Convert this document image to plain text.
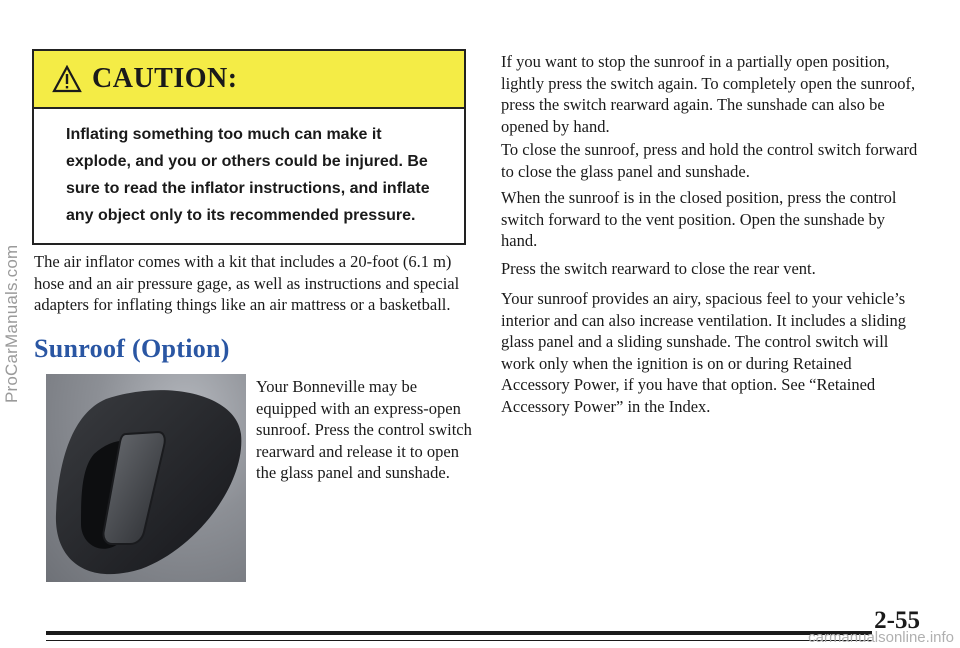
ProCarManuals.com
CAUTION:
Inflating something too much can make it explode, and you or others could be injured. Be sure to read the inflator instructions, and inflate any object only to its recommended pressure.
The air inflator comes with a kit that includes a 20-foot (6.1 m) hose and an air pressure gage, as well as instructions and special adapters for inflating things like an air mattress or a basketball.
Sunroof (Option)
Your Bonneville may be equipped with an express-open sunroof. Press the control switch rearward and release it to open the glass panel and sunshade.
If you want to stop the sunroof in a partially open position, lightly press the switch again. To completely open the sunroof, press the switch rearward again. The sunshade can also be opened by hand.
To close the sunroof, press and hold the control switch forward to close the glass panel and sunshade.
When the sunroof is in the closed position, press the control switch forward to the vent position. Open the sunshade by hand.
Press the switch rearward to close the rear vent.
Your sunroof provides an airy, spacious feel to your vehicle’s interior and can also increase ventilation. It includes a sliding glass panel and a sliding sunshade. The control switch will work only when the ignition is on or during Retained Accessory Power, if you have that option. See “Retained Accessory Power” in the Index.
2-55
carmanualsonline.info
